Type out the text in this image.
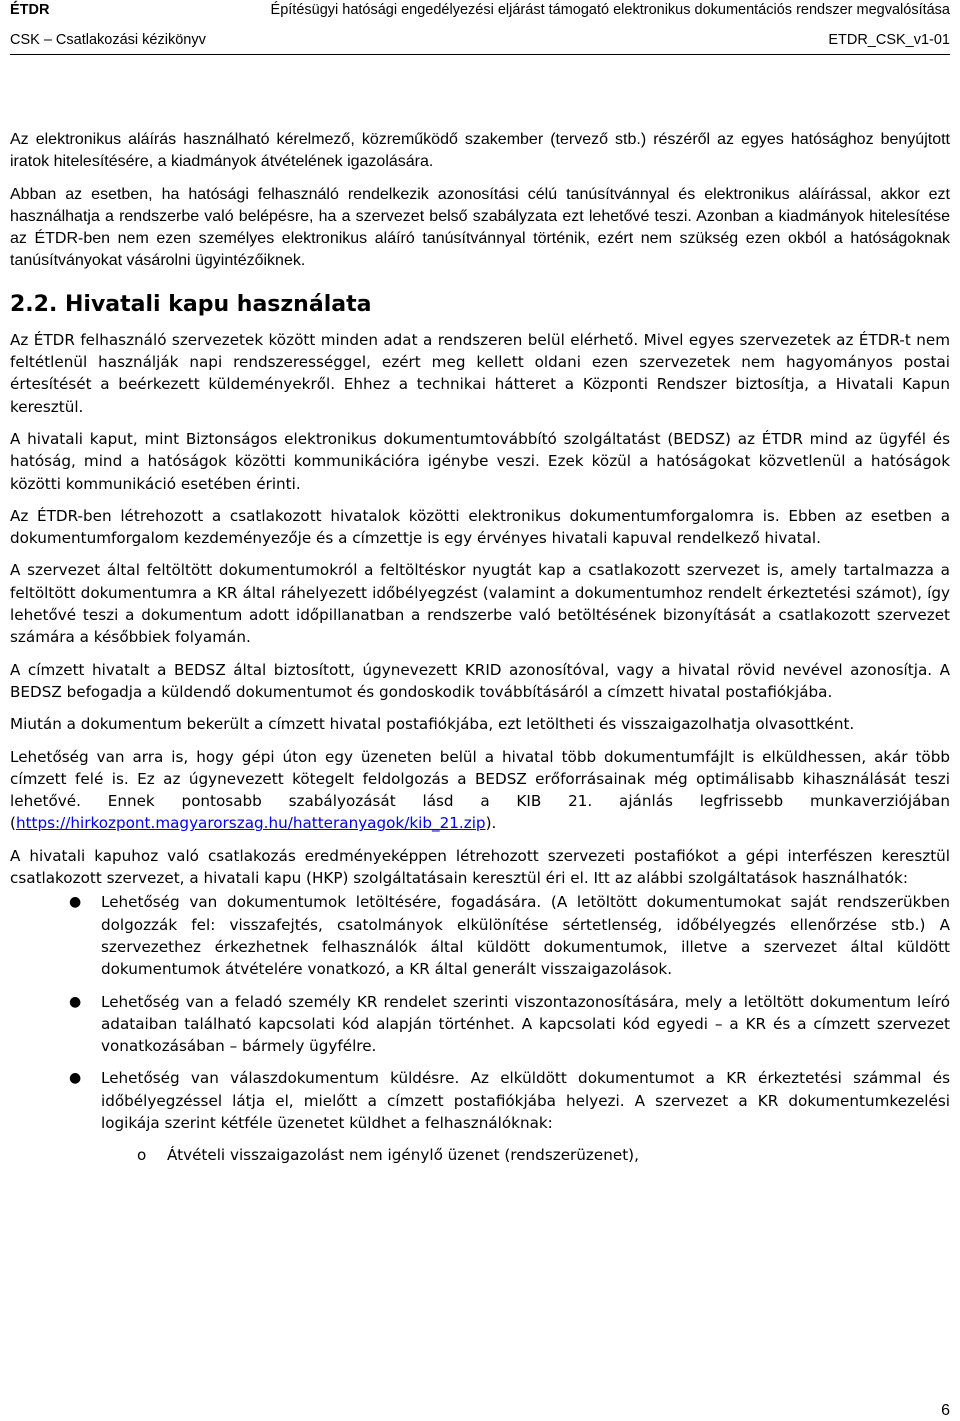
ÉTDR	Építésügyi hatósági engedélyezési eljárást támogató elektronikus dokumentációs rendszer megvalósítása
CSK – Csatlakozási kézikönyv	ETDR_CSK_v1-01

Az elektronikus aláírás használható kérelmező, közreműködő szakember (tervező stb.) részéről az egyes hatósághoz benyújtott iratok hitelesítésére, a kiadmányok átvételének igazolására.

Abban az esetben, ha hatósági felhasználó rendelkezik azonosítási célú tanúsítvánnyal és elektronikus aláírással, akkor ezt használhatja a rendszerbe való belépésre, ha a szervezet belső szabályzata ezt lehetővé teszi. Azonban a kiadmányok hitelesítése az ÉTDR-ben nem ezen személyes elektronikus aláíró tanúsítvánnyal történik, ezért nem szükség ezen okból a hatóságoknak tanúsítványokat vásárolni ügyintézőiknek.

2.2. Hivatali kapu használata

Az ÉTDR felhasználó szervezetek között minden adat a rendszeren belül elérhető. Mivel egyes szervezetek az ÉTDR-t nem feltétlenül használják napi rendszerességgel, ezért meg kellett oldani ezen szervezetek nem hagyományos postai értesítését a beérkezett küldeményekről. Ehhez a technikai hátteret a Központi Rendszer biztosítja, a Hivatali Kapun keresztül.

A hivatali kaput, mint Biztonságos elektronikus dokumentumtovábbító szolgáltatást (BEDSZ) az ÉTDR mind az ügyfél és hatóság, mind a hatóságok közötti kommunikációra igénybe veszi. Ezek közül a hatóságokat közvetlenül a hatóságok közötti kommunikáció esetében érinti.

Az ÉTDR-ben létrehozott a csatlakozott hivatalok közötti elektronikus dokumentumforgalomra is. Ebben az esetben a dokumentumforgalom kezdeményezője és a címzettje is egy érvényes hivatali kapuval rendelkező hivatal.

A szervezet által feltöltött dokumentumokról a feltöltéskor nyugtát kap a csatlakozott szervezet is, amely tartalmazza a feltöltött dokumentumra a KR által ráhelyezett időbélyegzést (valamint a dokumentumhoz rendelt érkeztetési számot), így lehetővé teszi a dokumentum adott időpillanatban a rendszerbe való betöltésének bizonyítását a csatlakozott szervezet számára a későbbiek folyamán.

A címzett hivatalt a BEDSZ által biztosított, úgynevezett KRID azonosítóval, vagy a hivatal rövid nevével azonosítja. A BEDSZ befogadja a küldendő dokumentumot és gondoskodik továbbításáról a címzett hivatal postafiókjába.

Miután a dokumentum bekerült a címzett hivatal postafiókjába, ezt letöltheti és visszaigazolhatja olvasottként.

Lehetőség van arra is, hogy gépi úton egy üzeneten belül a hivatal több dokumentumfájlt is elküldhessen, akár több címzett felé is. Ez az úgynevezett kötegelt feldolgozás a BEDSZ erőforrásainak még optimálisabb kihasználását teszi lehetővé. Ennek pontosabb szabályozását lásd a KIB 21. ajánlás legfrissebb munkaverziójában (https://hirkozpont.magyarorszag.hu/hatteranyagok/kib_21.zip).

A hivatali kapuhoz való csatlakozás eredményeképpen létrehozott szervezeti postafiókot a gépi interfészen keresztül csatlakozott szervezet, a hivatali kapu (HKP) szolgáltatásain keresztül éri el. Itt az alábbi szolgáltatások használhatók:

● Lehetőség van dokumentumok letöltésére, fogadására. (A letöltött dokumentumokat saját rendszerükben dolgozzák fel: visszafejtés, csatolmányok elkülönítése sértetlenség, időbélyegzés ellenőrzése stb.) A szervezethez érkezhetnek felhasználók által küldött dokumentumok, illetve a szervezet által küldött dokumentumok átvételére vonatkozó, a KR által generált visszaigazolások.
● Lehetőség van a feladó személy KR rendelet szerinti viszontazonosítására, mely a letöltött dokumentum leíró adataiban található kapcsolati kód alapján történhet. A kapcsolati kód egyedi – a KR és a címzett szervezet vonatkozásában – bármely ügyfélre.
● Lehetőség van válaszdokumentum küldésre. Az elküldött dokumentumot a KR érkeztetési számmal és időbélyegzéssel látja el, mielőtt a címzett postafiókjába helyezi. A szervezet a KR dokumentumkezelési logikája szerint kétféle üzenetet küldhet a felhasználóknak:
o Átvételi visszaigazolást nem igénylő üzenet (rendszerüzenet),
6
